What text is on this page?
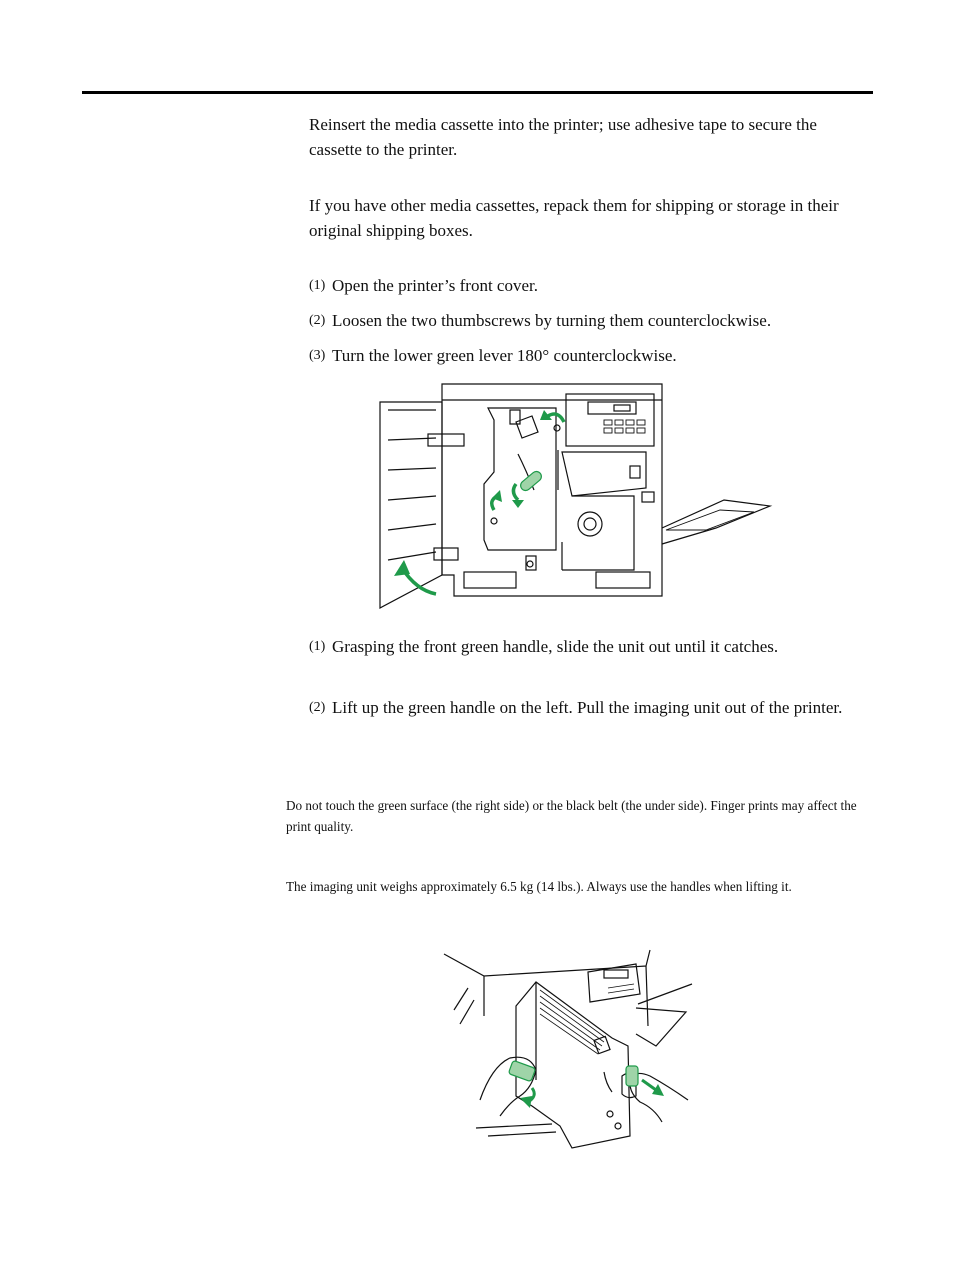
Reinsert the media cassette into the printer; use adhesive tape to secure the cassette to the printer.

If you have other media cassettes, repack them for shipping or storage in their original shipping boxes.

(1) Open the printer’s front cover.
(2) Loosen the two thumbscrews by turning them counterclockwise.
(3) Turn the lower green lever 180° counterclockwise.
(1) Grasping the front green handle, slide the unit out until it catches.
(2) Lift up the green handle on the left. Pull the imaging unit out of the printer.

Do not touch the green surface (the right side) or the black belt (the under side). Finger prints may affect the print quality.

The imaging unit weighs approximately 6.5 kg (14 lbs.). Always use the handles when lifting it.
